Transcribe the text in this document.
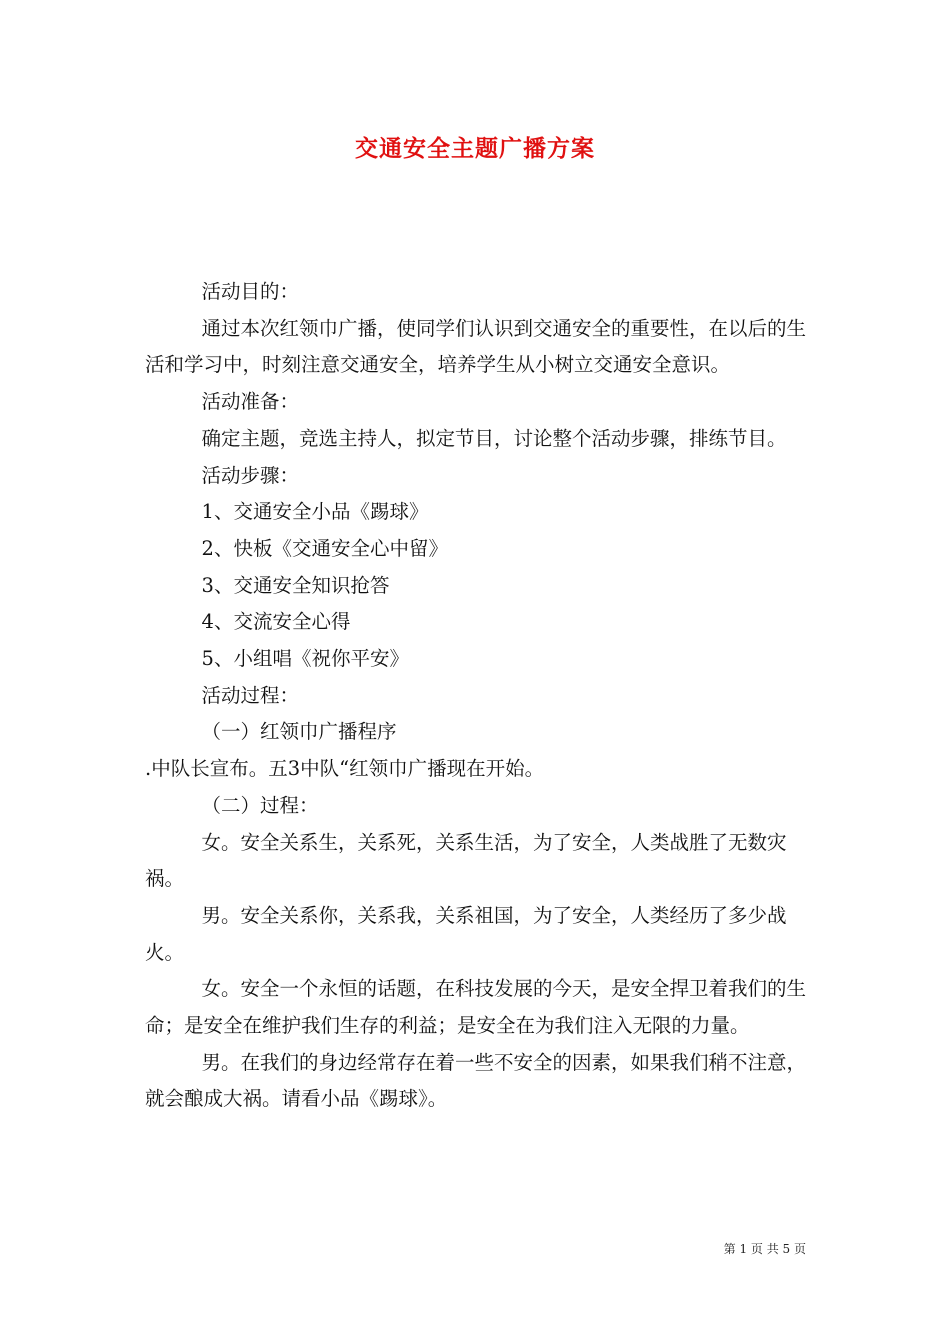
交通安全主题广播方案

活动目的：

通过本次红领巾广播，使同学们认识到交通安全的重要性，在以后的生活和学习中，时刻注意交通安全，培养学生从小树立交通安全意识。

活动准备：

确定主题，竞选主持人，拟定节目，讨论整个活动步骤，排练节目。

活动步骤：

1、交通安全小品《踢球》

2、快板《交通安全心中留》

3、交通安全知识抢答

4、交流安全心得

5、小组唱《祝你平安》

活动过程：

（一）红领巾广播程序

.中队长宣布。五3中队“红领巾广播现在开始。

（二）过程：

女。安全关系生，关系死，关系生活，为了安全，人类战胜了无数灾祸。

男。安全关系你，关系我，关系祖国，为了安全，人类经历了多少战火。

女。安全一个永恒的话题，在科技发展的今天，是安全捍卫着我们的生命；是安全在维护我们生存的利益；是安全在为我们注入无限的力量。

男。在我们的身边经常存在着一些不安全的因素，如果我们稍不注意，就会酿成大祸。请看小品《踢球》。

第 1 页 共 5 页
